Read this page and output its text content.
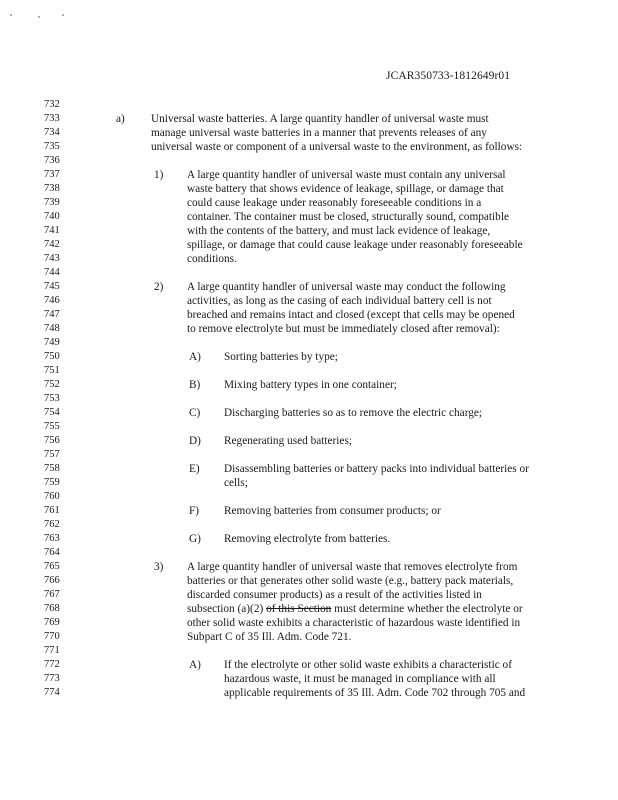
JCAR350733-1812649r01
732
733
734
735
736
737
738
739
740
741
742
743
744
745
746
747
748
749
750
751
752
753
754
755
756
757
758
759
760
761
762
763
764
765
766
767
768
769
770
771
772
773
774
a) Universal waste batteries. A large quantity handler of universal waste must
manage universal waste batteries in a manner that prevents releases of any
universal waste or component of a universal waste to the environment, as follows:
1) A large quantity handler of universal waste must contain any universal
waste battery that shows evidence of leakage, spillage, or damage that
could cause leakage under reasonably foreseeable conditions in a
container. The container must be closed, structurally sound, compatible
with the contents of the battery, and must lack evidence of leakage,
spillage, or damage that could cause leakage under reasonably foreseeable
conditions.
2) A large quantity handler of universal waste may conduct the following
activities, as long as the casing of each individual battery cell is not
breached and remains intact and closed (except that cells may be opened
to remove electrolyte but must be immediately closed after removal):
A) Sorting batteries by type;
B) Mixing battery types in one container;
C) Discharging batteries so as to remove the electric charge;
D) Regenerating used batteries;
E) Disassembling batteries or battery packs into individual batteries or
cells;
F) Removing batteries from consumer products; or
G) Removing electrolyte from batteries.
3) A large quantity handler of universal waste that removes electrolyte from
batteries or that generates other solid waste (e.g., battery pack materials,
discarded consumer products) as a result of the activities listed in
subsection (a)(2) of this Section must determine whether the electrolyte or
other solid waste exhibits a characteristic of hazardous waste identified in
Subpart C of 35 Ill. Adm. Code 721.
A) If the electrolyte or other solid waste exhibits a characteristic of
hazardous waste, it must be managed in compliance with all
applicable requirements of 35 Ill. Adm. Code 702 through 705 and
